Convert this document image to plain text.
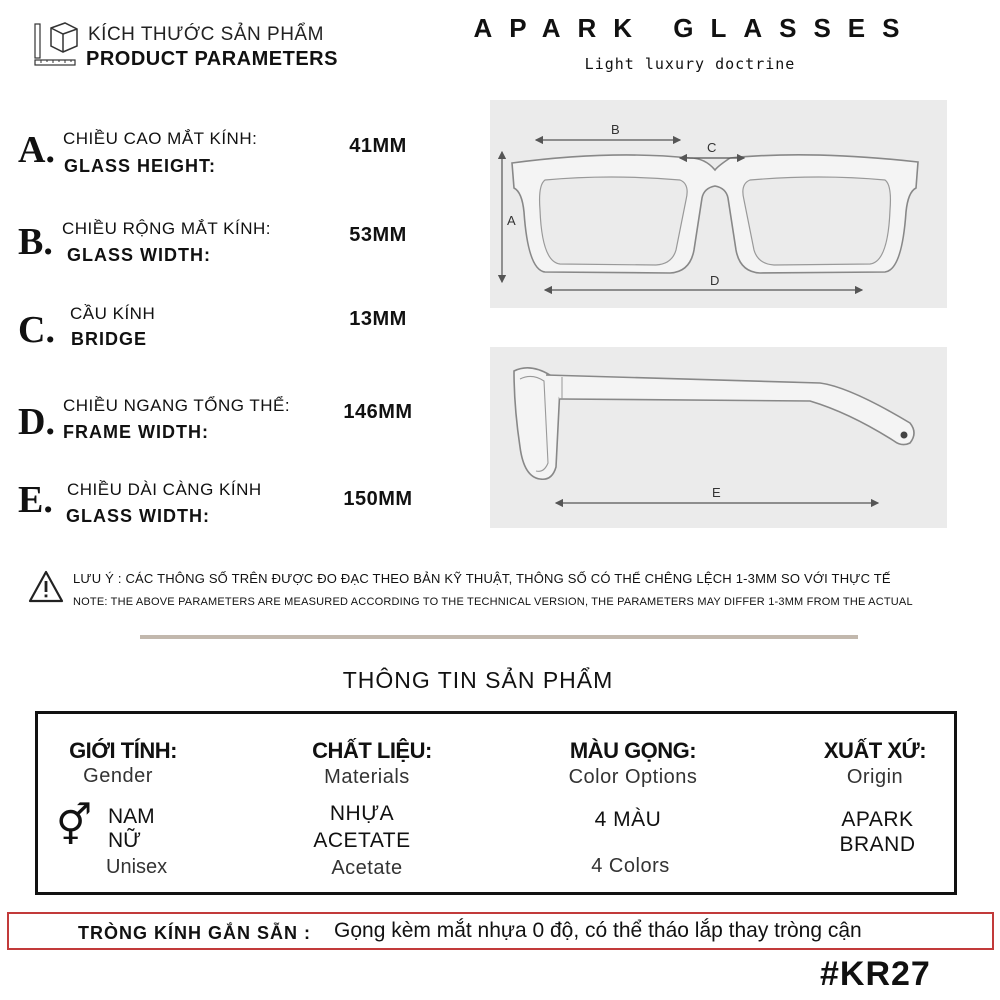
KÍCH THƯỚC SẢN PHẨM
PRODUCT PARAMETERS
APARK GLASSES
Light luxury doctrine
A. CHIỀU CAO MẮT KÍNH:
GLASS HEIGHT:
41MM
B. CHIỀU RỘNG MẮT KÍNH:
GLASS WIDTH:
53MM
C. CẦU KÍNH
BRIDGE
13MM
D. CHIỀU NGANG TỔNG THỂ:
FRAME WIDTH:
146MM
E. CHIỀU DÀI CÀNG KÍNH
GLASS WIDTH:
150MM
B
C
A
D
E
LƯU Ý : CÁC THÔNG SỐ TRÊN ĐƯỢC ĐO ĐẠC THEO BẢN KỸ THUẬT, THÔNG SỐ CÓ THỂ CHÊNG LỆCH 1-3MM SO VỚI THỰC TẾ
NOTE: THE ABOVE PARAMETERS ARE MEASURED ACCORDING TO THE TECHNICAL VERSION, THE PARAMETERS MAY DIFFER 1-3MM FROM THE ACTUAL
THÔNG TIN SẢN PHẨM
GIỚI TÍNH:
Gender
⚥ NAM
NỮ
Unisex
CHẤT LIỆU:
Materials
NHỰA
ACETATE
Acetate
MÀU GỌNG:
Color Options
4 MÀU
4 Colors
XUẤT XỨ:
Origin
APARK
BRAND
TRÒNG KÍNH GẮN SẴN : Gọng kèm mắt nhựa 0 độ, có thể tháo lắp thay tròng cận
#KR27
